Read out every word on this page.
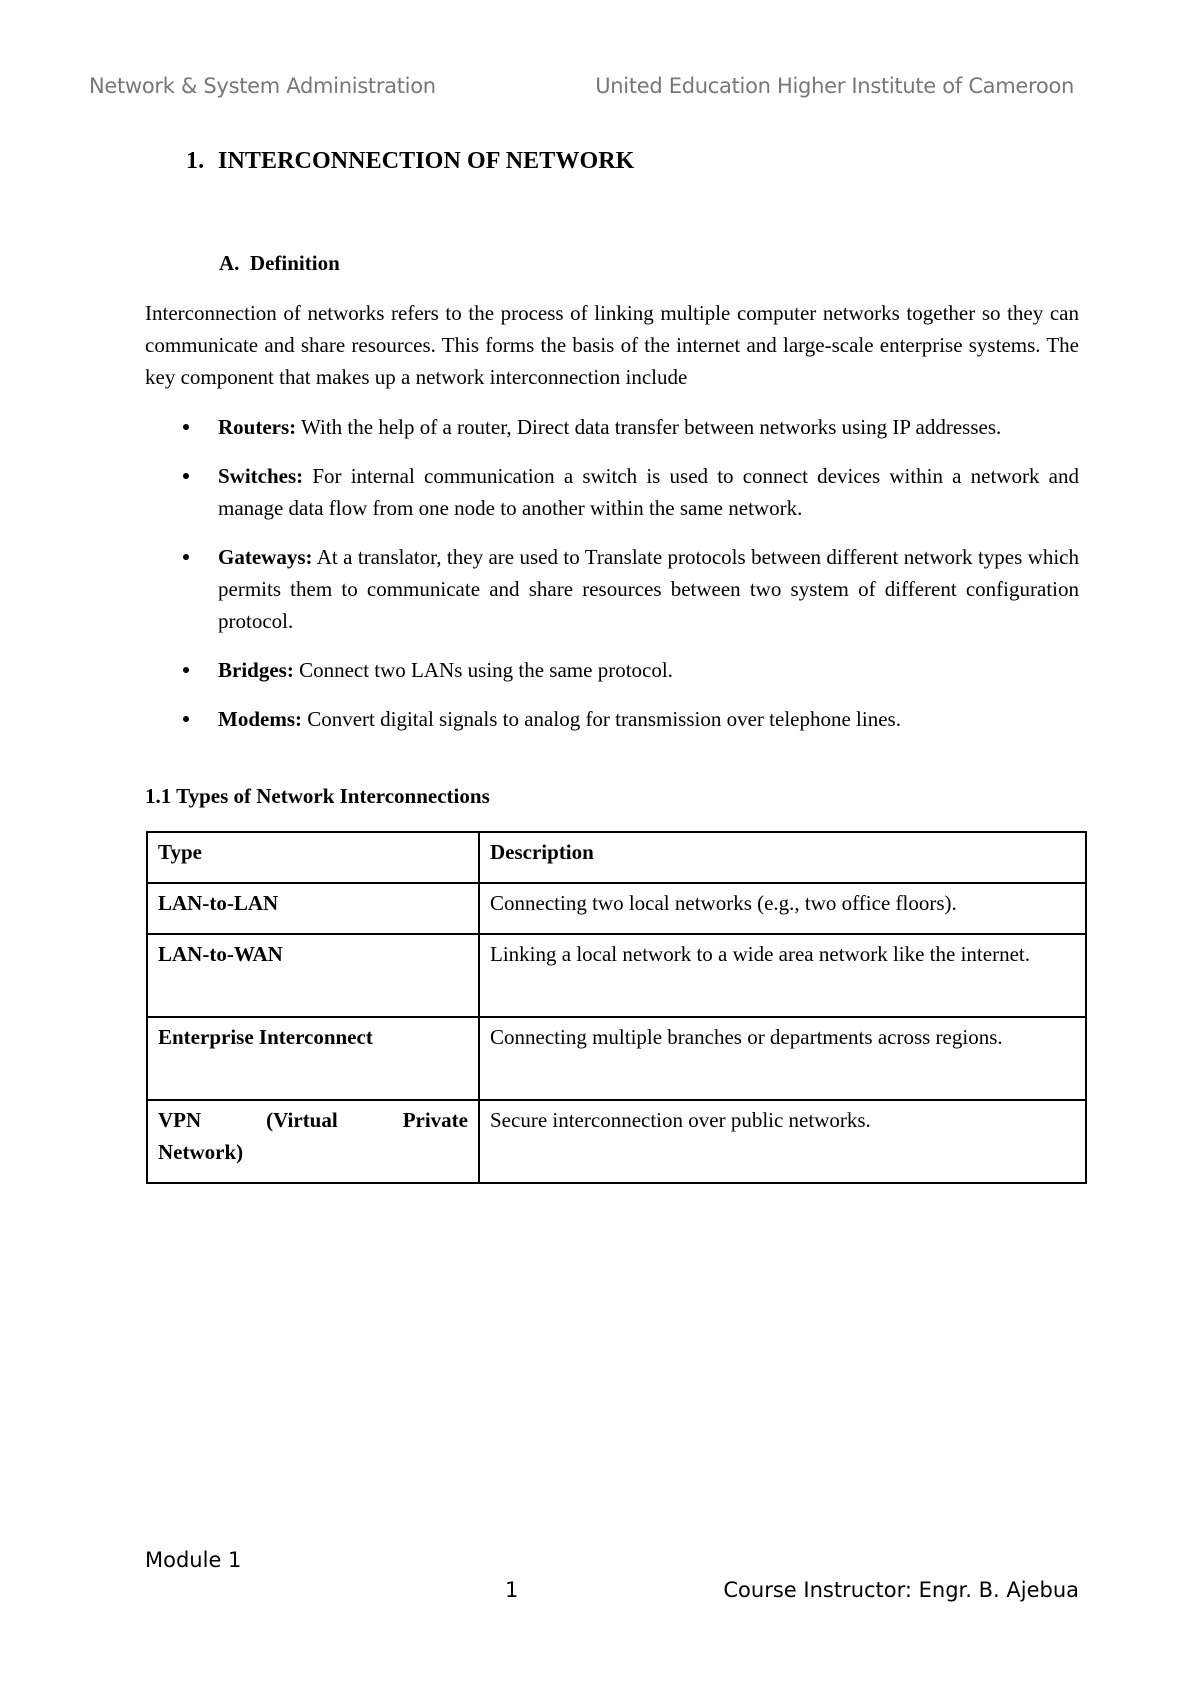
Network & System Administration	United Education Higher Institute of Cameroon
1. INTERCONNECTION OF NETWORK
A.  Definition

Interconnection of networks refers to the process of linking multiple computer networks together so they can communicate and share resources. This forms the basis of the internet and large-scale enterprise systems. The key component that makes up a network interconnection include

Routers: With the help of a router, Direct data transfer between networks using IP addresses.
Switches: For internal communication a switch is used to connect devices within a network and manage data flow from one node to another within the same network.
Gateways: At a translator, they are used to Translate protocols between different network types which permits them to communicate and share resources between two system of different configuration protocol.
Bridges: Connect two LANs using the same protocol.
Modems: Convert digital signals to analog for transmission over telephone lines.
1.1 Types of Network Interconnections
Type	Description
LAN-to-LAN	Connecting two local networks (e.g., two office floors).
LAN-to-WAN	Linking a local network to a wide area network like the internet.
Enterprise Interconnect	Connecting multiple branches or departments across regions.

VPN (Virtual Private
Network)	Secure interconnection over public networks.
Module 1
1	Course Instructor: Engr. B. Ajebua
